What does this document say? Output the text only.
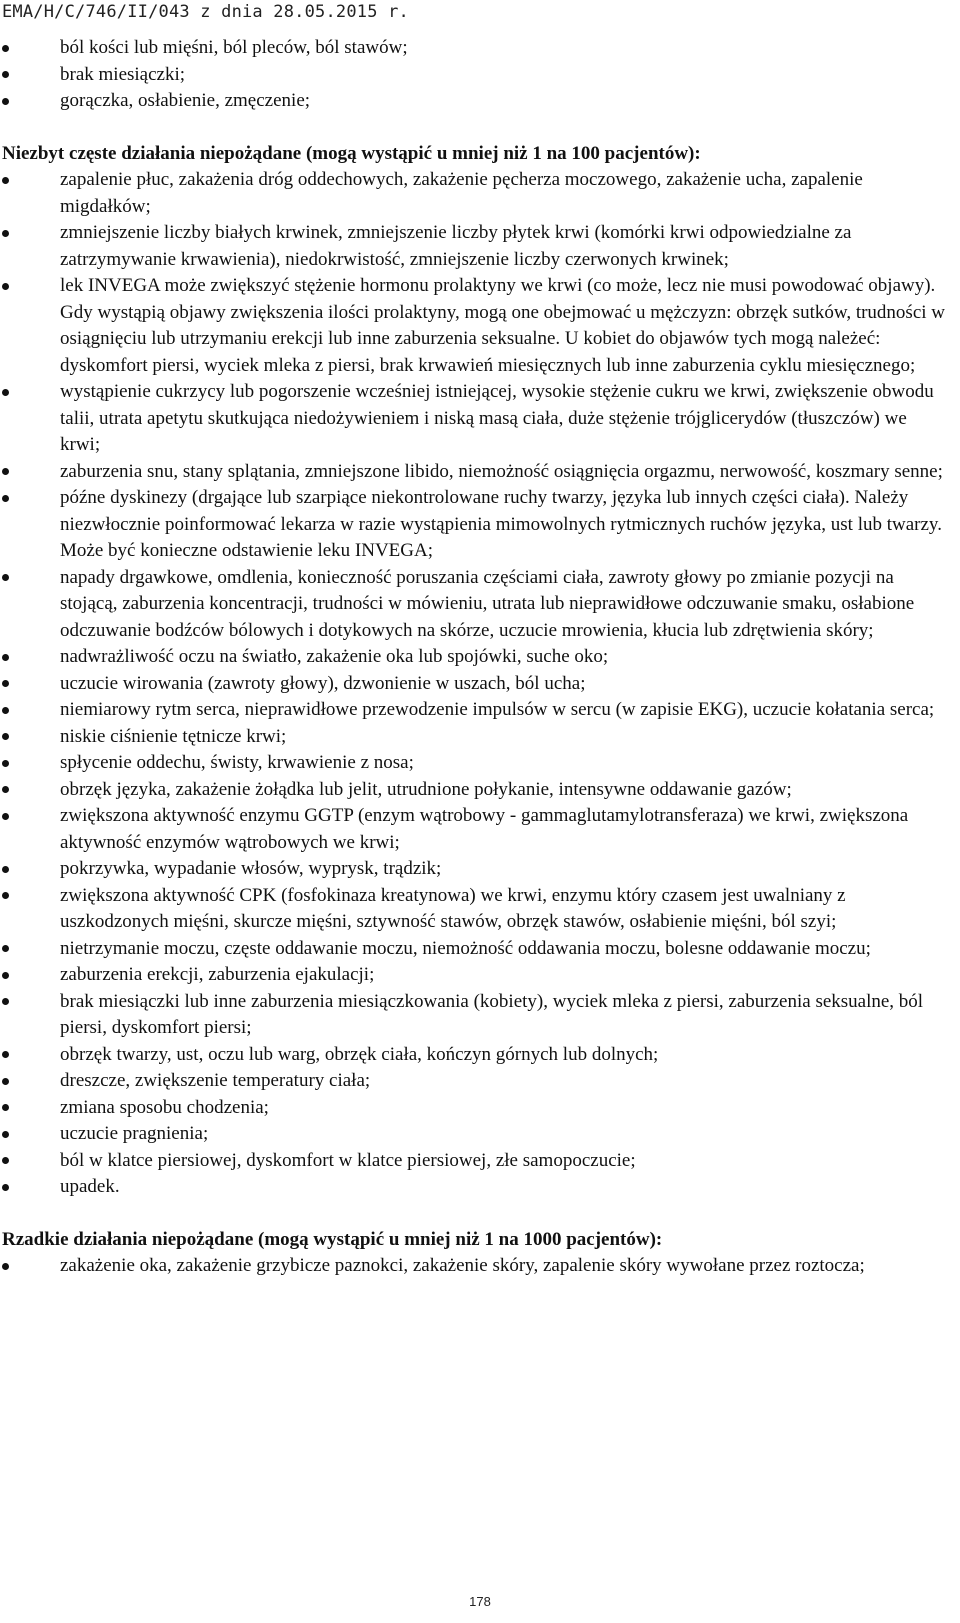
EMA/H/C/746/II/043 z dnia 28.05.2015 r.
ból kości lub mięśni, ból pleców, ból stawów;
brak miesiączki;
gorączka, osłabienie, zmęczenie;

Niezbyt częste działania niepożądane (mogą wystąpić u mniej niż 1 na 100 pacjentów):

zapalenie płuc, zakażenia dróg oddechowych, zakażenie pęcherza moczowego, zakażenie ucha, zapalenie migdałków;
zmniejszenie liczby białych krwinek, zmniejszenie liczby płytek krwi (komórki krwi odpowiedzialne za zatrzymywanie krwawienia), niedokrwistość, zmniejszenie liczby czerwonych krwinek;
lek INVEGA może zwiększyć stężenie hormonu prolaktyny we krwi (co może, lecz nie musi powodować objawy). Gdy wystąpią objawy zwiększenia ilości prolaktyny, mogą one obejmować u mężczyzn: obrzęk sutków, trudności w osiągnięciu lub utrzymaniu erekcji lub inne zaburzenia seksualne. U kobiet do objawów tych mogą należeć: dyskomfort piersi, wyciek mleka z piersi, brak krwawień miesięcznych lub inne zaburzenia cyklu miesięcznego;
wystąpienie cukrzycy lub pogorszenie wcześniej istniejącej, wysokie stężenie cukru we krwi, zwiększenie obwodu talii, utrata apetytu skutkująca niedożywieniem i niską masą ciała, duże stężenie trójglicerydów (tłuszczów) we krwi;
zaburzenia snu, stany splątania, zmniejszone libido, niemożność osiągnięcia orgazmu, nerwowość, koszmary senne;
późne dyskinezy (drgające lub szarpiące niekontrolowane ruchy twarzy, języka lub innych części ciała). Należy niezwłocznie poinformować lekarza w razie wystąpienia mimowolnych rytmicznych ruchów języka, ust lub twarzy. Może być konieczne odstawienie leku INVEGA;
napady drgawkowe, omdlenia, konieczność poruszania częściami ciała, zawroty głowy po zmianie pozycji na stojącą, zaburzenia koncentracji, trudności w mówieniu, utrata lub nieprawidłowe odczuwanie smaku, osłabione odczuwanie bodźców bólowych i dotykowych na skórze, uczucie mrowienia, kłucia lub zdrętwienia skóry;
nadwrażliwość oczu na światło, zakażenie oka lub spojówki, suche oko;
uczucie wirowania (zawroty głowy), dzwonienie w uszach, ból ucha;
niemiarowy rytm serca, nieprawidłowe przewodzenie impulsów w sercu (w zapisie EKG), uczucie kołatania serca;
niskie ciśnienie tętnicze krwi;
spłycenie oddechu, świsty, krwawienie z nosa;
obrzęk języka, zakażenie żołądka lub jelit, utrudnione połykanie, intensywne oddawanie gazów;
zwiększona aktywność enzymu GGTP (enzym wątrobowy - gammaglutamylotransferaza) we krwi, zwiększona aktywność enzymów wątrobowych we krwi;
pokrzywka, wypadanie włosów, wyprysk, trądzik;
zwiększona aktywność CPK (fosfokinaza kreatynowa) we krwi, enzymu który czasem jest uwalniany z uszkodzonych mięśni, skurcze mięśni, sztywność stawów, obrzęk stawów, osłabienie mięśni, ból szyi;
nietrzymanie moczu, częste oddawanie moczu, niemożność oddawania moczu, bolesne oddawanie moczu;
zaburzenia erekcji, zaburzenia ejakulacji;
brak miesiączki lub inne zaburzenia miesiączkowania (kobiety), wyciek mleka z piersi, zaburzenia seksualne, ból piersi, dyskomfort piersi;
obrzęk twarzy, ust, oczu lub warg, obrzęk ciała, kończyn górnych lub dolnych;
dreszcze, zwiększenie temperatury ciała;
zmiana sposobu chodzenia;
uczucie pragnienia;
ból w klatce piersiowej, dyskomfort w klatce piersiowej, złe samopoczucie;
upadek.

Rzadkie działania niepożądane (mogą wystąpić u mniej niż 1 na 1000 pacjentów):

zakażenie oka, zakażenie grzybicze paznokci, zakażenie skóry, zapalenie skóry wywołane przez roztocza;
178
